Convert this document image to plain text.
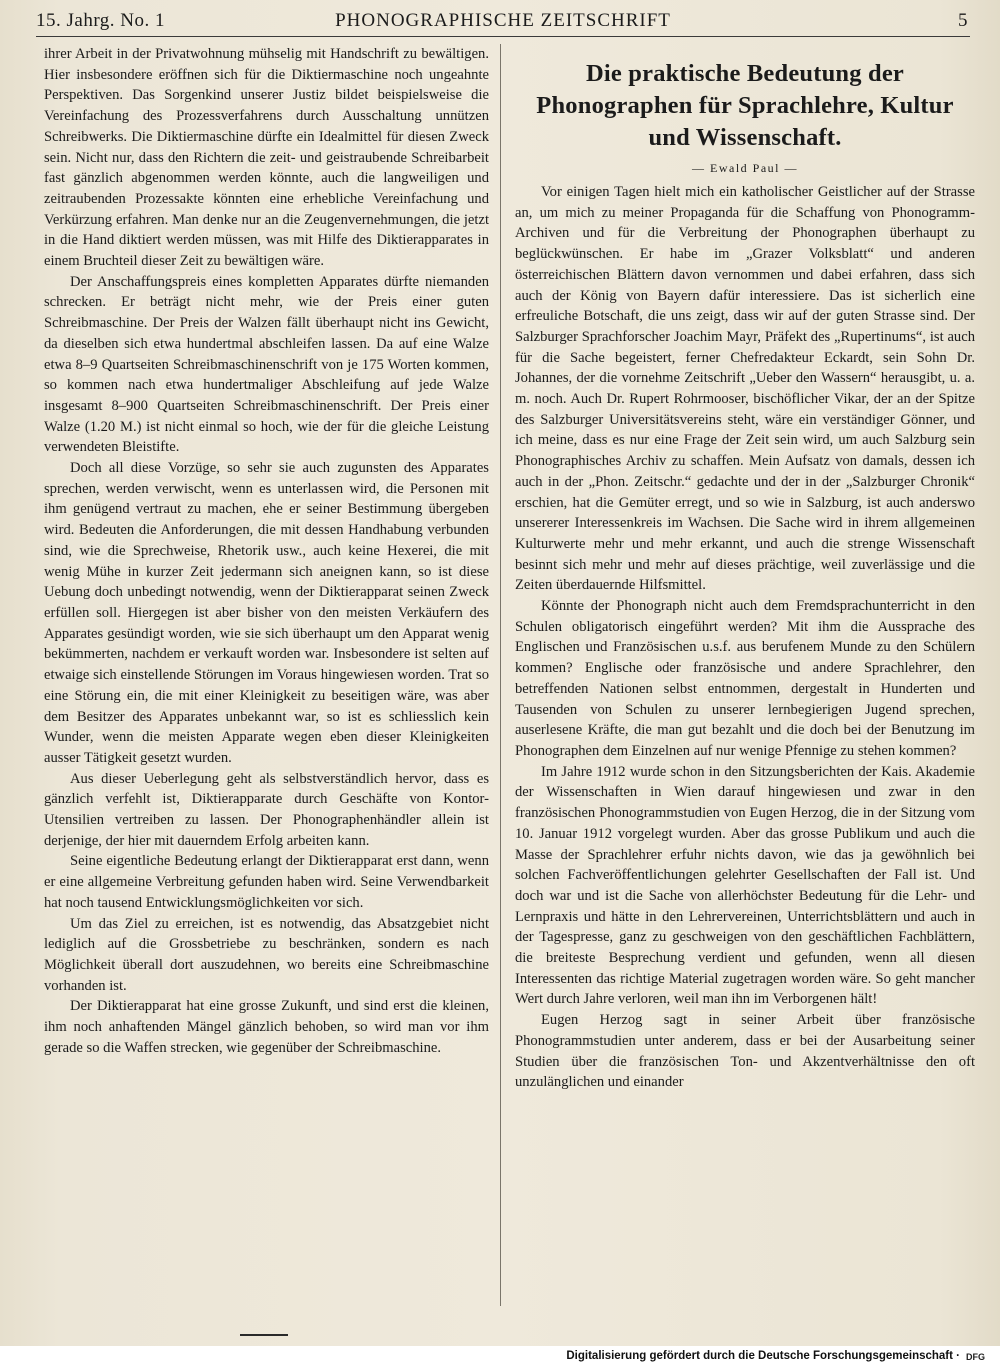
15. Jahrg. No. 1	PHONOGRAPHISCHE ZEITSCHRIFT	5

ihrer Arbeit in der Privatwohnung mühselig mit Handschrift zu bewältigen. Hier insbesondere eröffnen sich für die Diktiermaschine noch ungeahnte Perspektiven. Das Sorgenkind unserer Justiz bildet beispielsweise die Vereinfachung des Prozessverfahrens durch Ausschaltung unnützen Schreibwerks. Die Diktiermaschine dürfte ein Idealmittel für diesen Zweck sein. Nicht nur, dass den Richtern die zeit- und geistraubende Schreibarbeit fast gänzlich abgenommen werden könnte, auch die langweiligen und zeitraubenden Prozessakte könnten eine erhebliche Vereinfachung und Verkürzung erfahren. Man denke nur an die Zeugenvernehmungen, die jetzt in die Hand diktiert werden müssen, was mit Hilfe des Diktierapparates in einem Bruchteil dieser Zeit zu bewältigen wäre.

Der Anschaffungspreis eines kompletten Apparates dürfte niemanden schrecken. Er beträgt nicht mehr, wie der Preis einer guten Schreibmaschine. Der Preis der Walzen fällt überhaupt nicht ins Gewicht, da dieselben sich etwa hundertmal abschleifen lassen. Da auf eine Walze etwa 8–9 Quartseiten Schreibmaschinenschrift von je 175 Worten kommen, so kommen nach etwa hundertmaliger Abschleifung auf jede Walze insgesamt 8–900 Quartseiten Schreibmaschinenschrift. Der Preis einer Walze (1.20 M.) ist nicht einmal so hoch, wie der für die gleiche Leistung verwendeten Bleistifte.

Doch all diese Vorzüge, so sehr sie auch zugunsten des Apparates sprechen, werden verwischt, wenn es unterlassen wird, die Personen mit ihm genügend vertraut zu machen, ehe er seiner Bestimmung übergeben wird. Bedeuten die Anforderungen, die mit dessen Handhabung verbunden sind, wie die Sprechweise, Rhetorik usw., auch keine Hexerei, die mit wenig Mühe in kurzer Zeit jedermann sich aneignen kann, so ist diese Uebung doch unbedingt notwendig, wenn der Diktierapparat seinen Zweck erfüllen soll. Hiergegen ist aber bisher von den meisten Verkäufern des Apparates gesündigt worden, wie sie sich überhaupt um den Apparat wenig bekümmerten, nachdem er verkauft worden war. Insbesondere ist selten auf etwaige sich einstellende Störungen im Voraus hingewiesen worden. Trat so eine Störung ein, die mit einer Kleinigkeit zu beseitigen wäre, was aber dem Besitzer des Apparates unbekannt war, so ist es schliesslich kein Wunder, wenn die meisten Apparate wegen eben dieser Kleinigkeiten ausser Tätigkeit gesetzt wurden.

Aus dieser Ueberlegung geht als selbstverständlich hervor, dass es gänzlich verfehlt ist, Diktierapparate durch Geschäfte von Kontor-Utensilien vertreiben zu lassen. Der Phonographenhändler allein ist derjenige, der hier mit dauerndem Erfolg arbeiten kann.

Seine eigentliche Bedeutung erlangt der Diktierapparat erst dann, wenn er eine allgemeine Verbreitung gefunden haben wird. Seine Verwendbarkeit hat noch tausend Entwicklungsmöglichkeiten vor sich.

Um das Ziel zu erreichen, ist es notwendig, das Absatzgebiet nicht lediglich auf die Grossbetriebe zu beschränken, sondern es nach Möglichkeit überall dort auszudehnen, wo bereits eine Schreibmaschine vorhanden ist.

Der Diktierapparat hat eine grosse Zukunft, und sind erst die kleinen, ihm noch anhaftenden Mängel gänzlich behoben, so wird man vor ihm gerade so die Waffen strecken, wie gegenüber der Schreibmaschine.

Die praktische Bedeutung der Phonographen für Sprachlehre, Kultur und Wissenschaft.
— Ewald Paul —

Vor einigen Tagen hielt mich ein katholischer Geistlicher auf der Strasse an, um mich zu meiner Propaganda für die Schaffung von Phonogramm-Archiven und für die Verbreitung der Phonographen überhaupt zu beglückwünschen. Er habe im „Grazer Volksblatt“ und anderen österreichischen Blättern davon vernommen und dabei erfahren, dass sich auch der König von Bayern dafür interessiere. Das ist sicherlich eine erfreuliche Botschaft, die uns zeigt, dass wir auf der guten Strasse sind. Der Salzburger Sprachforscher Joachim Mayr, Präfekt des „Rupertinums“, ist auch für die Sache begeistert, ferner Chefredakteur Eckardt, sein Sohn Dr. Johannes, der die vornehme Zeitschrift „Ueber den Wassern“ herausgibt, u. a. m. noch. Auch Dr. Rupert Rohrmooser, bischöflicher Vikar, der an der Spitze des Salzburger Universitätsvereins steht, wäre ein verständiger Gönner, und ich meine, dass es nur eine Frage der Zeit sein wird, um auch Salzburg sein Phonographisches Archiv zu schaffen. Mein Aufsatz von damals, dessen ich auch in der „Phon. Zeitschr.“ gedachte und der in der „Salzburger Chronik“ erschien, hat die Gemüter erregt, und so wie in Salzburg, ist auch anderswo unsererer Interessenkreis im Wachsen. Die Sache wird in ihrem allgemeinen Kulturwerte mehr und mehr erkannt, und auch die strenge Wissenschaft besinnt sich mehr und mehr auf dieses prächtige, weil zuverlässige und die Zeiten überdauernde Hilfsmittel.

Könnte der Phonograph nicht auch dem Fremdsprachunterricht in den Schulen obligatorisch eingeführt werden? Mit ihm die Aussprache des Englischen und Französischen u.s.f. aus berufenem Munde zu den Schülern kommen? Englische oder französische und andere Sprachlehrer, den betreffenden Nationen selbst entnommen, dergestalt in Hunderten und Tausenden von Schulen zu unserer lernbegierigen Jugend sprechen, auserlesene Kräfte, die man gut bezahlt und die doch bei der Benutzung im Phonographen dem Einzelnen auf nur wenige Pfennige zu stehen kommen?

Im Jahre 1912 wurde schon in den Sitzungsberichten der Kais. Akademie der Wissenschaften in Wien darauf hingewiesen und zwar in den französischen Phonogrammstudien von Eugen Herzog, die in der Sitzung vom 10. Januar 1912 vorgelegt wurden. Aber das grosse Publikum und auch die Masse der Sprachlehrer erfuhr nichts davon, wie das ja gewöhnlich bei solchen Fachveröffentlichungen gelehrter Gesellschaften der Fall ist. Und doch war und ist die Sache von allerhöchster Bedeutung für die Lehr- und Lernpraxis und hätte in den Lehrervereinen, Unterrichtsblättern und auch in der Tagespresse, ganz zu geschweigen von den geschäftlichen Fachblättern, die breiteste Besprechung verdient und gefunden, wenn all diesen Interessenten das richtige Material zugetragen worden wäre. So geht mancher Wert durch Jahre verloren, weil man ihn im Verborgenen hält!

Eugen Herzog sagt in seiner Arbeit über französische Phonogrammstudien unter anderem, dass er bei der Ausarbeitung seiner Studien über die französischen Ton- und Akzentverhältnisse den oft unzulänglichen und einander

Digitalisierung gefördert durch die Deutsche Forschungsgemeinschaft · DFG
